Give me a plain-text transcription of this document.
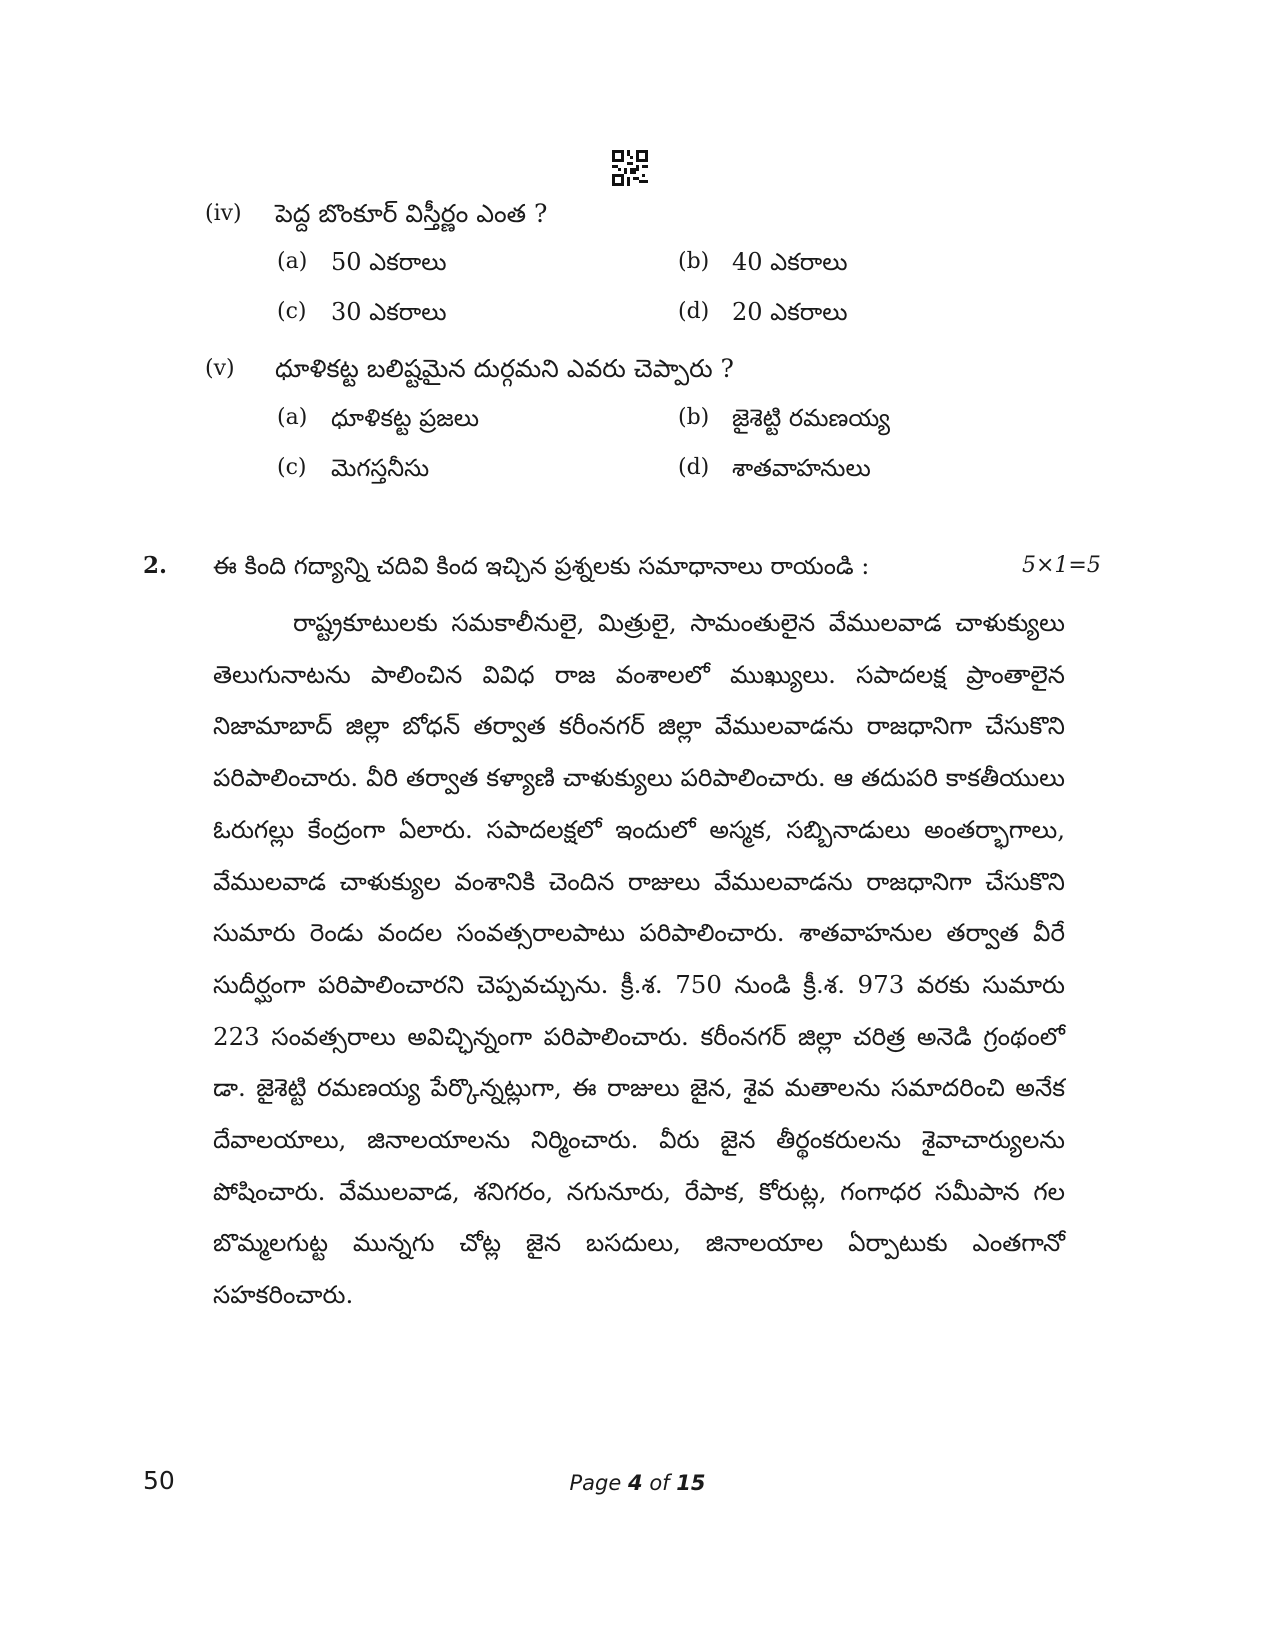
(iv) పెద్ద బొంకూర్ విస్తీర్ణం ఎంత ?
(a) 50 ఎకరాలు	(b) 40 ఎకరాలు
(c) 30 ఎకరాలు	(d) 20 ఎకరాలు
(v) ధూళికట్ట బలిష్టమైన దుర్గమని ఎవరు చెప్పారు ?
(a) ధూళికట్ట ప్రజలు	(b) జైశెట్టి రమణయ్య
(c) మెగస్తనీసు	(d) శాతవాహనులు
2. ఈ కింది గద్యాన్ని చదివి కింద ఇచ్చిన ప్రశ్నలకు సమాధానాలు రాయండి :	5×1=5

రాష్ట్రకూటులకు సమకాలీనులై, మిత్రులై, సామంతులైన వేములవాడ చాళుక్యులు తెలుగునాటను పాలించిన వివిధ రాజ వంశాలలో ముఖ్యులు. సపాదలక్ష ప్రాంతాలైన నిజామాబాద్ జిల్లా బోధన్ తర్వాత కరీంనగర్ జిల్లా వేములవాడను రాజధానిగా చేసుకొని పరిపాలించారు. వీరి తర్వాత కళ్యాణి చాళుక్యులు పరిపాలించారు. ఆ తదుపరి కాకతీయులు ఓరుగల్లు కేంద్రంగా ఏలారు. సపాదలక్షలో ఇందులో అస్మక, సబ్బినాడులు అంతర్భాగాలు, వేములవాడ చాళుక్యుల వంశానికి చెందిన రాజులు వేములవాడను రాజధానిగా చేసుకొని సుమారు రెండు వందల సంవత్సరాలపాటు పరిపాలించారు. శాతవాహనుల తర్వాత వీరే సుదీర్ఘంగా పరిపాలించారని చెప్పవచ్చును. క్రీ.శ. 750 నుండి క్రీ.శ. 973 వరకు సుమారు 223 సంవత్సరాలు అవిచ్ఛిన్నంగా పరిపాలించారు. కరీంనగర్ జిల్లా చరిత్ర అనెడి గ్రంథంలో డా. జైశెట్టి రమణయ్య పేర్కొన్నట్లుగా, ఈ రాజులు జైన, శైవ మతాలను సమాదరించి అనేక దేవాలయాలు, జినాలయాలను నిర్మించారు. వీరు జైన తీర్థంకరులను శైవాచార్యులను పోషించారు. వేములవాడ, శనిగరం, నగునూరు, రేపాక, కోరుట్ల, గంగాధర సమీపాన గల బొమ్మలగుట్ట మున్నగు చోట్ల జైన బసదులు, జినాలయాల ఏర్పాటుకు ఎంతగానో సహకరించారు.

50	Page 4 of 15
